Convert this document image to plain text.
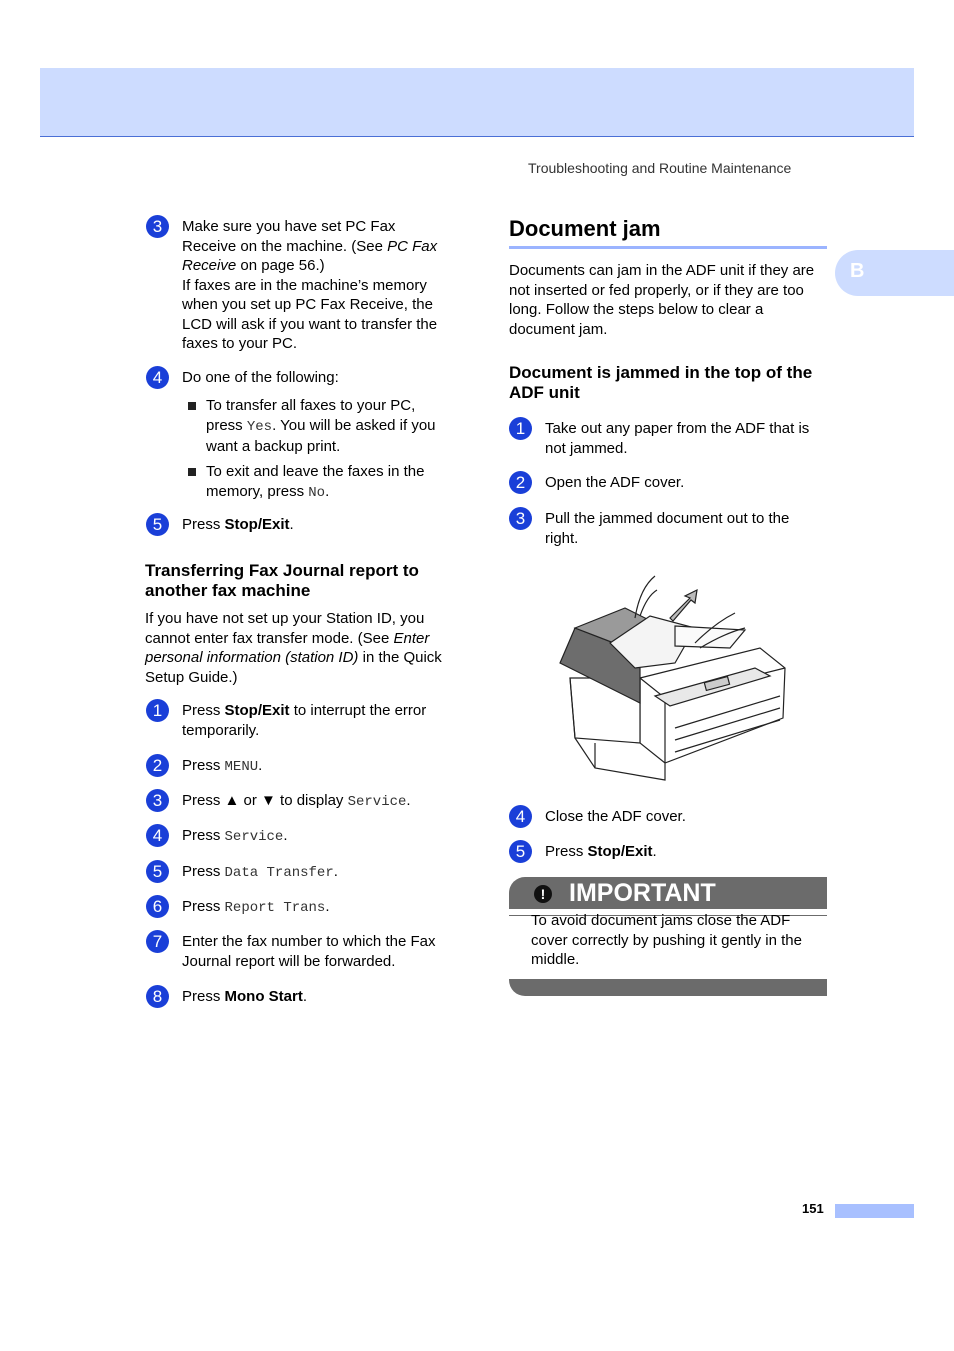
Troubleshooting and Routine Maintenance
B
3	Make sure you have set PC Fax
Receive on the machine. (See PC Fax
Receive on page 56.)
If faxes are in the machine’s memory
when you set up PC Fax Receive, the
LCD will ask if you want to transfer the
faxes to your PC.
4	Do one of the following:
To transfer all faxes to your PC,
press Yes. You will be asked if you
want a backup print.
To exit and leave the faxes in the
memory, press No.
5	Press Stop/Exit.
Transferring Fax Journal report to
another fax machine

If you have not set up your Station ID, you
cannot enter fax transfer mode. (See Enter
personal information (station ID) in the Quick
Setup Guide.)

1	Press Stop/Exit to interrupt the error
temporarily.
2	Press MENU.
3	Press ▲ or ▼ to display Service.
4	Press Service.
5	Press Data Transfer.
6	Press Report Trans.
7	Enter the fax number to which the Fax
Journal report will be forwarded.
8	Press Mono Start.
Document jam

Documents can jam in the ADF unit if they are
not inserted or fed properly, or if they are too
long. Follow the steps below to clear a
document jam.

Document is jammed in the top of the
ADF unit
1	Take out any paper from the ADF that is
not jammed.
2	Open the ADF cover.
3	Pull the jammed document out to the
right.
4	Close the ADF cover.
5	Press Stop/Exit.
! IMPORTANT
To avoid document jams close the ADF
cover correctly by pushing it gently in the
middle.
151
